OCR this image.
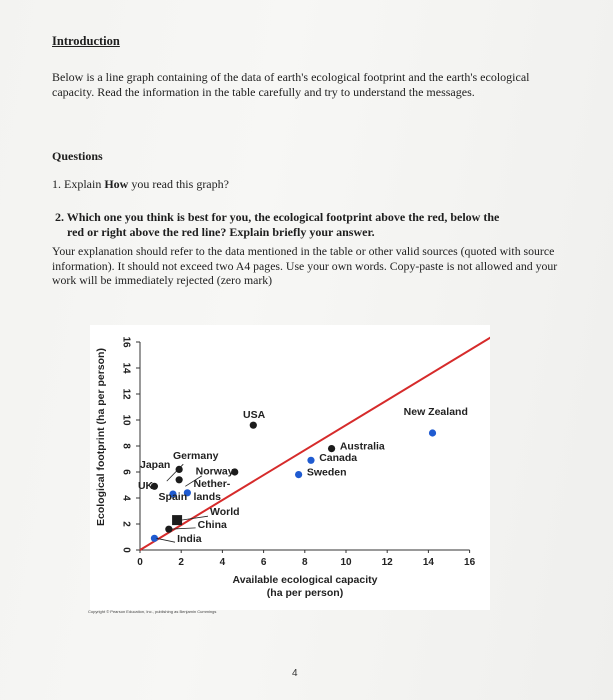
Introduction
Below is a line graph containing of the data of earth's ecological footprint and the earth's ecological capacity. Read the information in the table carefully and try to understand the messages.
Questions
1. Explain How you read this graph?
2. Which one you think is best for you, the ecological footprint above the red, below the
red or right above the red line? Explain briefly your answer.
Your explanation should refer to the data mentioned in the table or other valid sources (quoted with source information). It should not exceed two A4 pages. Use your own words. Copy-paste is not allowed and your work will be immediately rejected (zero mark)
0
2
4
6
8
10
12
14
16
0	2	4	6	8	10	12	14	16
USA	New Zealand
Australia
Canada
Sweden
Germany
Japan
Norway
UK	Nether-
lands
Spain
World
China
India
Ecological footprint (ha per person)
Available ecological capacity
(ha per person)
Copyright © Pearson Education, Inc., publishing as Benjamin Cummings
4
